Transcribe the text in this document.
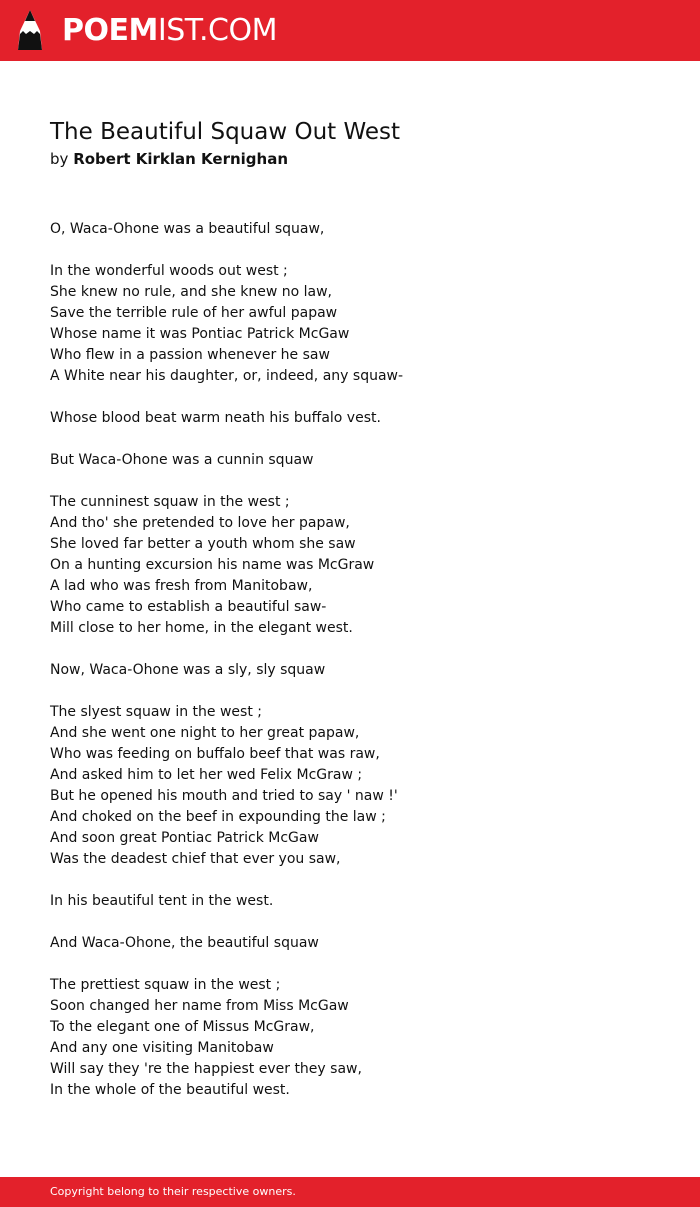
POEMIST.COM
The Beautiful Squaw Out West
by Robert Kirklan Kernighan
O, Waca-Ohone was a beautiful squaw,
In the wonderful woods out west ;
She knew no rule, and she knew no law,
Save the terrible rule of her awful papaw
Whose name it was Pontiac Patrick McGaw
Who flew in a passion whenever he saw
A White near his daughter, or, indeed, any squaw-
Whose blood beat warm neath his buffalo vest.
But Waca-Ohone was a cunnin squaw
The cunninest squaw in the west ;
And tho' she pretended to love her papaw,
She loved far better a youth whom she saw
On a hunting excursion his name was McGraw
A lad who was fresh from Manitobaw,
Who came to establish a beautiful saw-
Mill close to her home, in the elegant west.
Now, Waca-Ohone was a sly, sly squaw
The slyest squaw in the west ;
And she went one night to her great papaw,
Who was feeding on buffalo beef that was raw,
And asked him to let her wed Felix McGraw ;
But he opened his mouth and tried to say ' naw !'
And choked on the beef in expounding the law ;
And soon great Pontiac Patrick McGaw
Was the deadest chief that ever you saw,
In his beautiful tent in the west.
And Waca-Ohone, the beautiful squaw
The prettiest squaw in the west ;
Soon changed her name from Miss McGaw
To the elegant one of Missus McGraw,
And any one visiting Manitobaw
Will say they 're the happiest ever they saw,
In the whole of the beautiful west.
Copyright belong to their respective owners.
